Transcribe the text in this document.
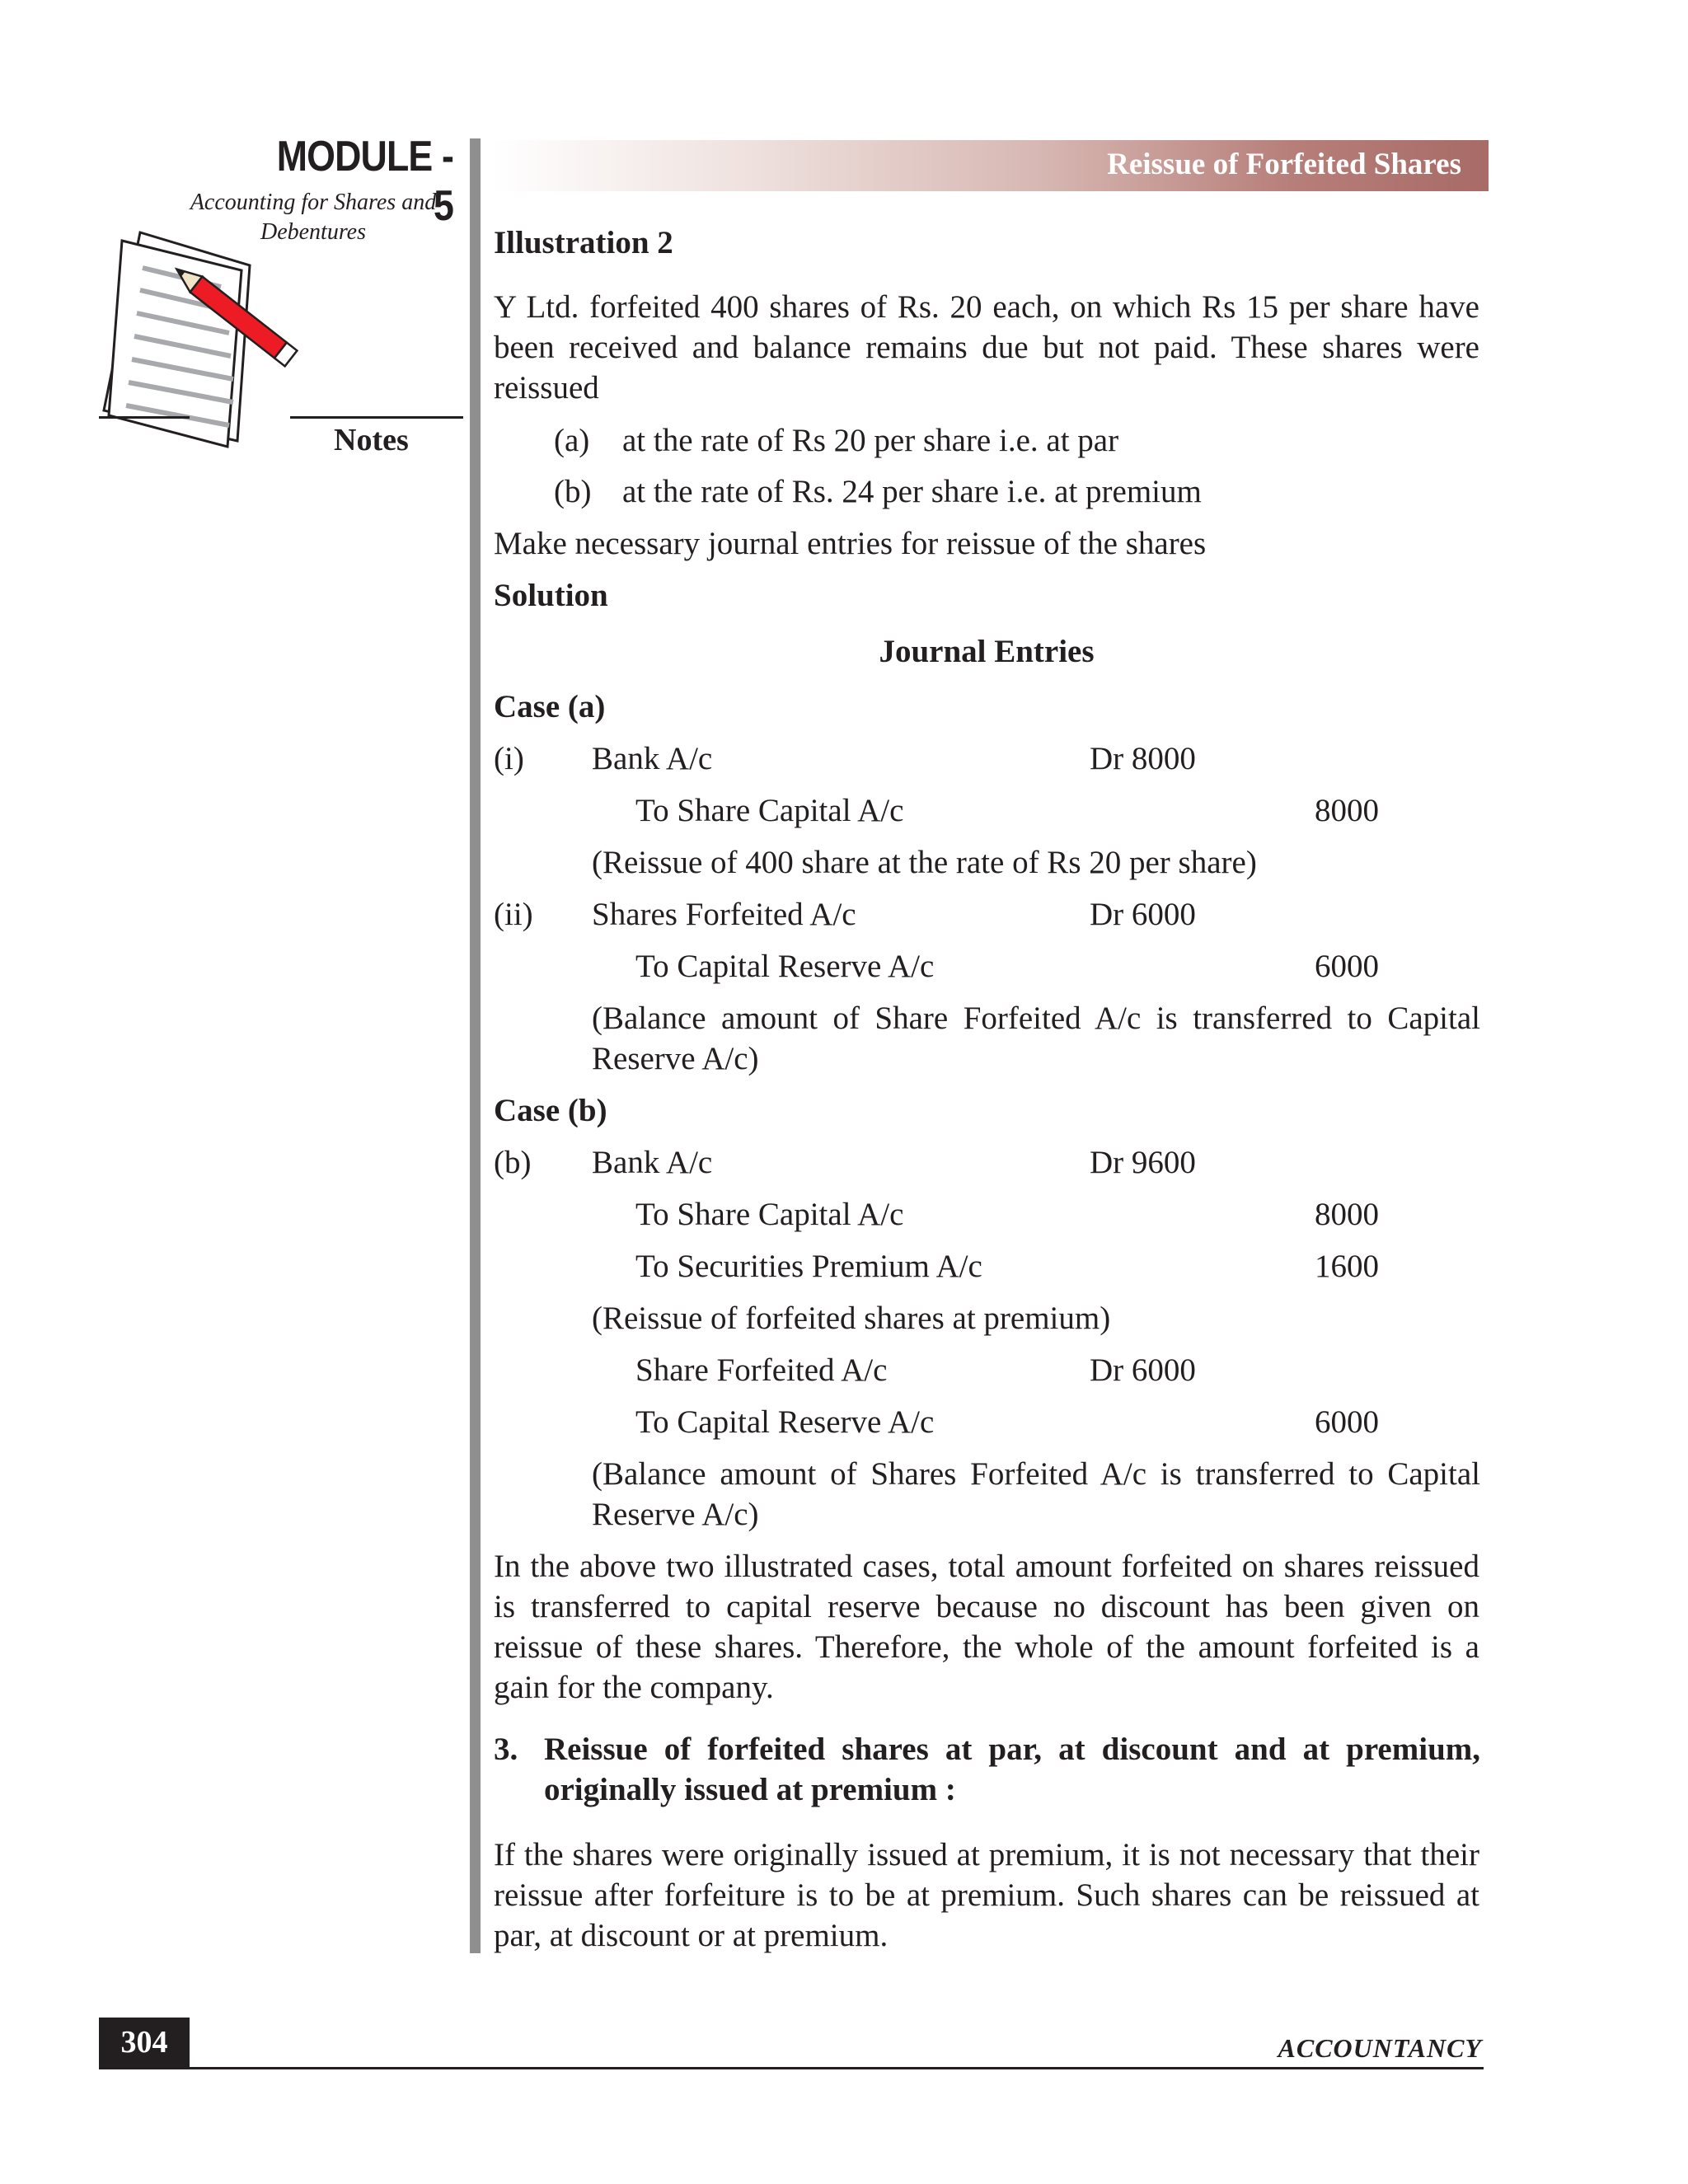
MODULE - 5
Accounting for Shares and
Debentures
Notes
Reissue of Forfeited Shares
Illustration 2
Y Ltd. forfeited 400 shares of Rs. 20 each, on which Rs 15 per share have been received and balance remains due but not paid. These shares were reissued
(a) at the rate of Rs 20 per share i.e. at par
(b) at the rate of Rs. 24 per share i.e. at premium
Make necessary journal entries for reissue of the shares
Solution
Journal Entries
Case (a)
(i) Bank A/c	Dr 8000
To Share Capital A/c	8000
(Reissue of 400 share at the rate of Rs 20 per share)
(ii) Shares Forfeited A/c	Dr 6000
To Capital Reserve A/c	6000
(Balance amount of Share Forfeited A/c is transferred to Capital
Reserve A/c)
Case (b)
(b) Bank A/c	Dr 9600
To Share Capital A/c	8000
To Securities Premium A/c	1600
(Reissue of forfeited shares at premium)
Share Forfeited A/c	Dr 6000
To Capital Reserve A/c	6000
(Balance amount of Shares Forfeited A/c is transferred to Capital
Reserve A/c)
In the above two illustrated cases, total amount forfeited on shares reissued is transferred to capital reserve because no discount has been given on reissue of these shares. Therefore, the whole of the amount forfeited is a gain for the company.
3. Reissue of forfeited shares at par, at discount and at premium, originally issued at premium :
If the shares were originally issued at premium, it is not necessary that their reissue after forfeiture is to be at premium. Such shares can be reissued at par, at discount or at premium.
304	ACCOUNTANCY
